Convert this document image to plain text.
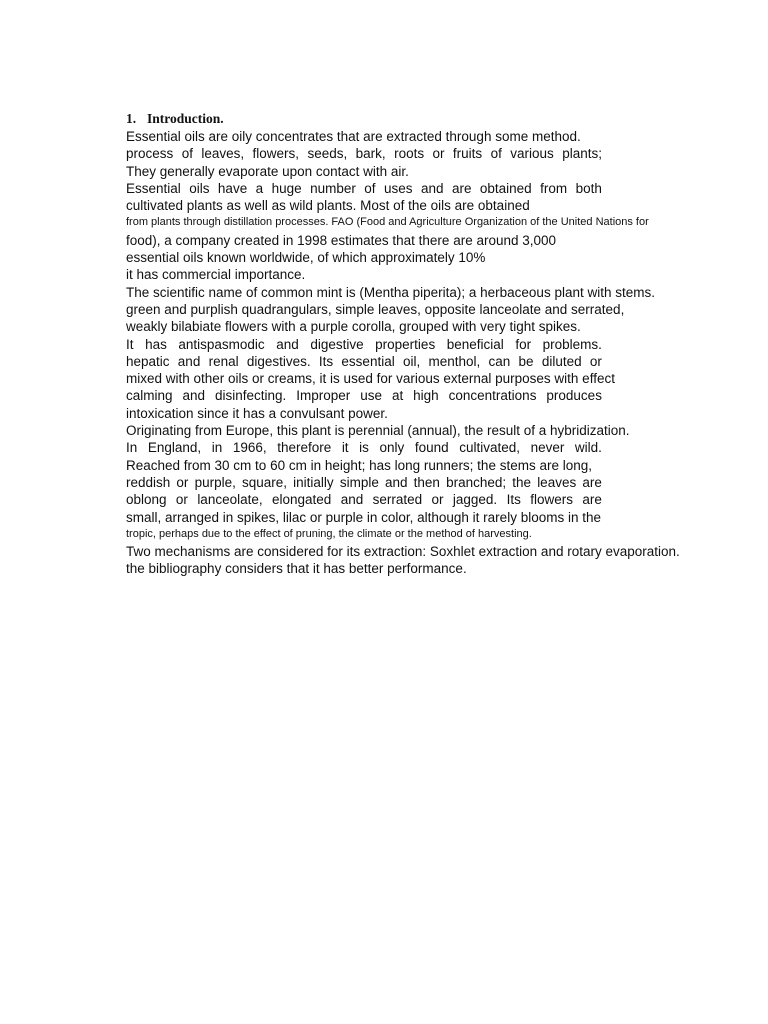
1. Introduction.
Essential oils are oily concentrates that are extracted through some method.
process of leaves, flowers, seeds, bark, roots or fruits of various plants;
They generally evaporate upon contact with air.
Essential oils have a huge number of uses and are obtained from both
cultivated plants as well as wild plants. Most of the oils are obtained
from plants through distillation processes. FAO (Food and Agriculture Organization of the United Nations for
food), a company created in 1998 estimates that there are around 3,000
essential oils known worldwide, of which approximately 10%
it has commercial importance.
The scientific name of common mint is (Mentha piperita); a herbaceous plant with stems.
green and purplish quadrangulars, simple leaves, opposite lanceolate and serrated,
weakly bilabiate flowers with a purple corolla, grouped with very tight spikes.
It has antispasmodic and digestive properties beneficial for problems.
hepatic and renal digestives. Its essential oil, menthol, can be diluted or
mixed with other oils or creams, it is used for various external purposes with effect
calming and disinfecting. Improper use at high concentrations produces
intoxication since it has a convulsant power.
Originating from Europe, this plant is perennial (annual), the result of a hybridization.
In England, in 1966, therefore it is only found cultivated, never wild.
Reached from 30 cm to 60 cm in height; has long runners; the stems are long,
reddish or purple, square, initially simple and then branched; the leaves are
oblong or lanceolate, elongated and serrated or jagged. Its flowers are
small, arranged in spikes, lilac or purple in color, although it rarely blooms in the
tropic, perhaps due to the effect of pruning, the climate or the method of harvesting.
Two mechanisms are considered for its extraction: Soxhlet extraction and rotary evaporation.
the bibliography considers that it has better performance.
